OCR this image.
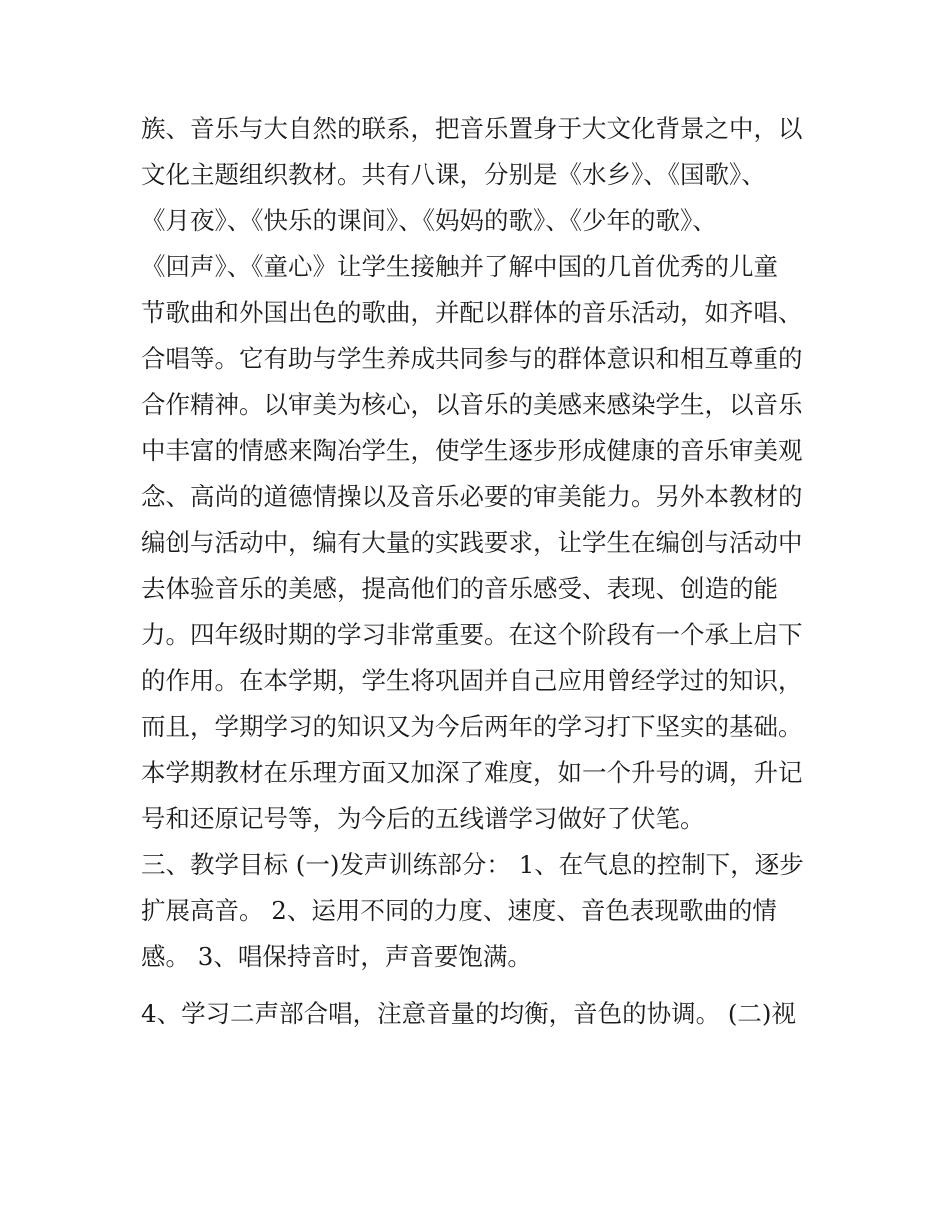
族、音乐与大自然的联系，把音乐置身于大文化背景之中，以
文化主题组织教材。共有八课，分别是《水乡》、《国歌》、
《月夜》、《快乐的课间》、《妈妈的歌》、《少年的歌》、
《回声》、《童心》让学生接触并了解中国的几首优秀的儿童
节歌曲和外国出色的歌曲，并配以群体的音乐活动，如齐唱、
合唱等。它有助与学生养成共同参与的群体意识和相互尊重的
合作精神。以审美为核心，以音乐的美感来感染学生，以音乐
中丰富的情感来陶冶学生，使学生逐步形成健康的音乐审美观
念、高尚的道德情操以及音乐必要的审美能力。另外本教材的
编创与活动中，编有大量的实践要求，让学生在编创与活动中
去体验音乐的美感，提高他们的音乐感受、表现、创造的能
力。四年级时期的学习非常重要。在这个阶段有一个承上启下
的作用。在本学期，学生将巩固并自己应用曾经学过的知识，
而且，学期学习的知识又为今后两年的学习打下坚实的基础。
本学期教材在乐理方面又加深了难度，如一个升号的调，升记
号和还原记号等，为今后的五线谱学习做好了伏笔。
三、教学目标 (一)发声训练部分： 1、在气息的控制下，逐步
扩展高音。 2、运用不同的力度、速度、音色表现歌曲的情
感。 3、唱保持音时，声音要饱满。
4、学习二声部合唱，注意音量的均衡，音色的协调。 (二)视
